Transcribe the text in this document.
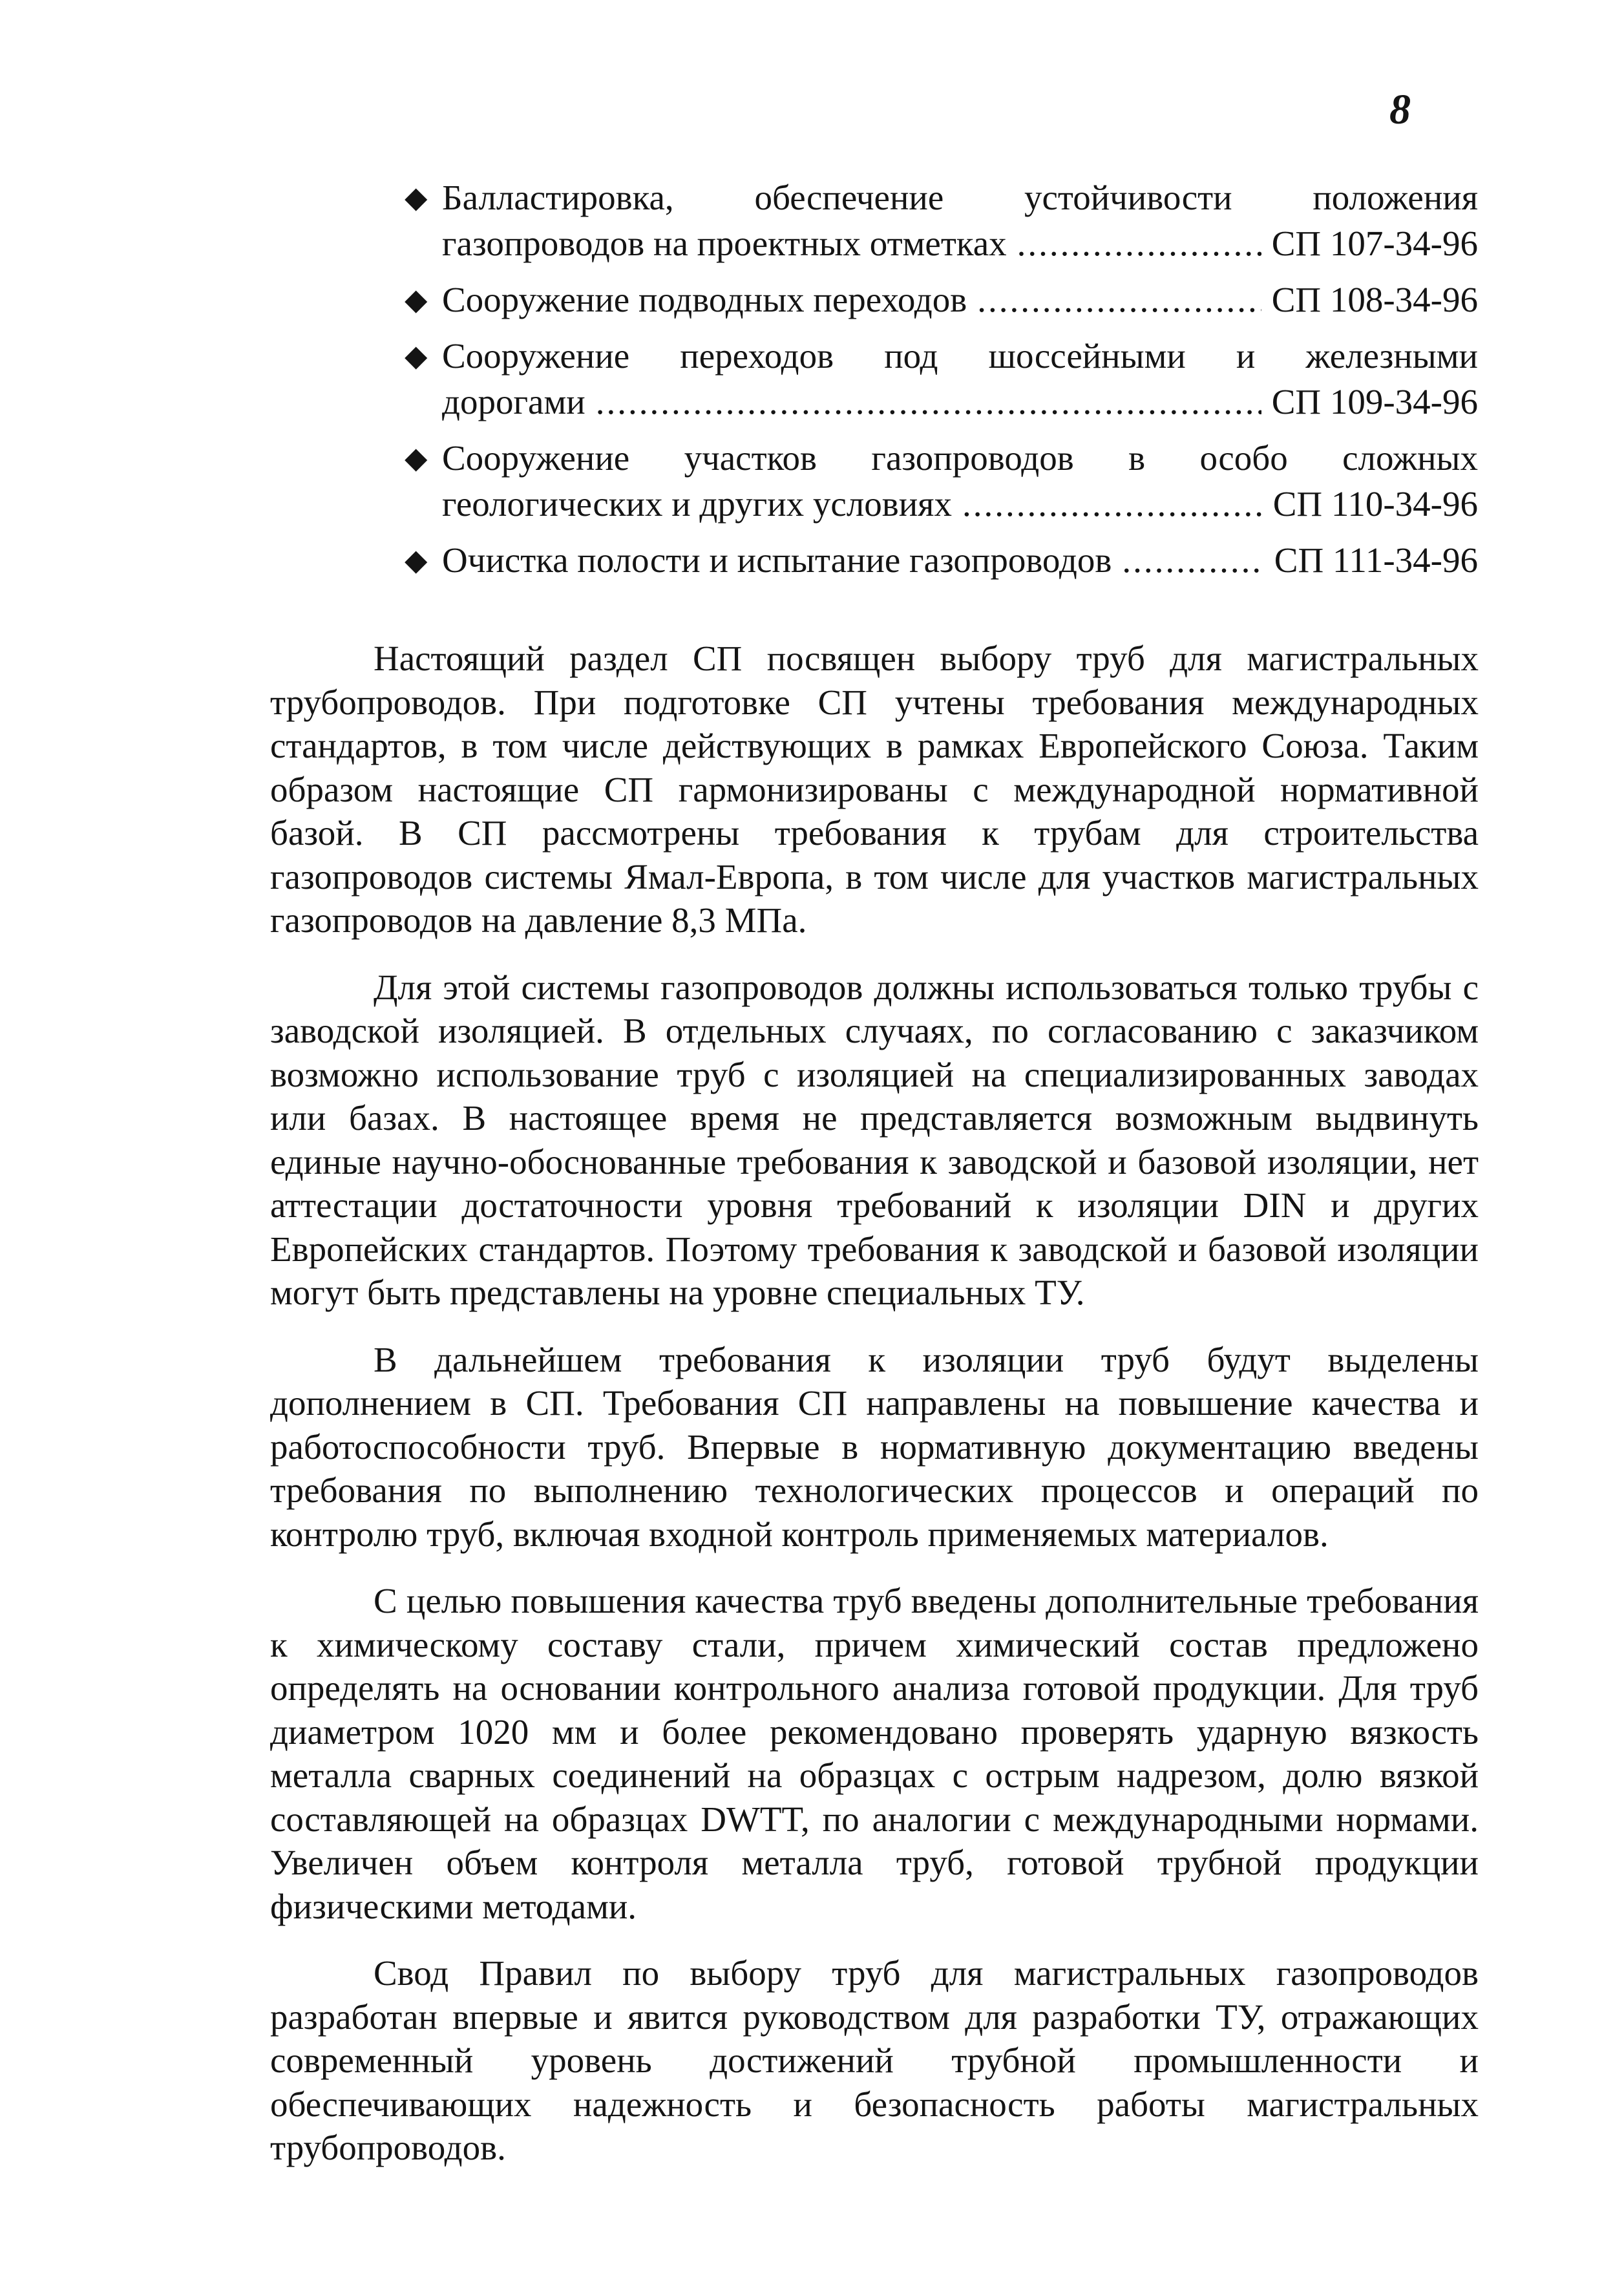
8
◆ Балластировка, обеспечение устойчивости положения
газопроводов на проектных отметках .....	СП 107-34-96
◆ Сооружение подводных переходов .....	СП 108-34-96
◆ Сооружение переходов под шоссейными и железными
дорогами .....	СП 109-34-96
◆ Сооружение участков газопроводов в особо сложных
геологических и других условиях .....	СП 110-34-96
◆ Очистка полости и испытание газопроводов .....	СП 111-34-96

Настоящий раздел СП посвящен выбору труб для магистральных трубопроводов. При подготовке СП учтены требования международных стандартов, в том числе действующих в рамках Европейского Союза. Таким образом настоящие СП гармонизированы с международной нормативной базой. В СП рассмотрены требования к трубам для строительства газопроводов системы Ямал-Европа, в том числе для участков магистральных газопроводов на давление 8,3 МПа.

Для этой системы газопроводов должны использоваться только трубы с заводской изоляцией. В отдельных случаях, по согласованию с заказчиком возможно использование труб с изоляцией на специализированных заводах или базах. В настоящее время не представляется возможным выдвинуть единые научно-обоснованные требования к заводской и базовой изоляции, нет аттестации достаточности уровня требований к изоляции DIN и других Европейских стандартов. Поэтому требования к заводской и базовой изоляции могут быть представлены на уровне специальных ТУ.

В дальнейшем требования к изоляции труб будут выделены дополнением в СП. Требования СП направлены на повышение качества и работоспособности труб. Впервые в нормативную документацию введены требования по выполнению технологических процессов и операций по контролю труб, включая входной контроль применяемых материалов.

С целью повышения качества труб введены дополнительные требования к химическому составу стали, причем химический состав предложено определять на основании контрольного анализа готовой продукции. Для труб диаметром 1020 мм и более рекомендовано проверять ударную вязкость металла сварных соединений на образцах с острым надрезом, долю вязкой составляющей на образцах DWTT, по аналогии с международными нормами. Увеличен объем контроля металла труб, готовой трубной продукции физическими методами.

Свод Правил по выбору труб для магистральных газопроводов разработан впервые и явится руководством для разработки ТУ, отражающих современный уровень достижений трубной промышленности и обеспечивающих надежность и безопасность работы магистральных трубопроводов.
